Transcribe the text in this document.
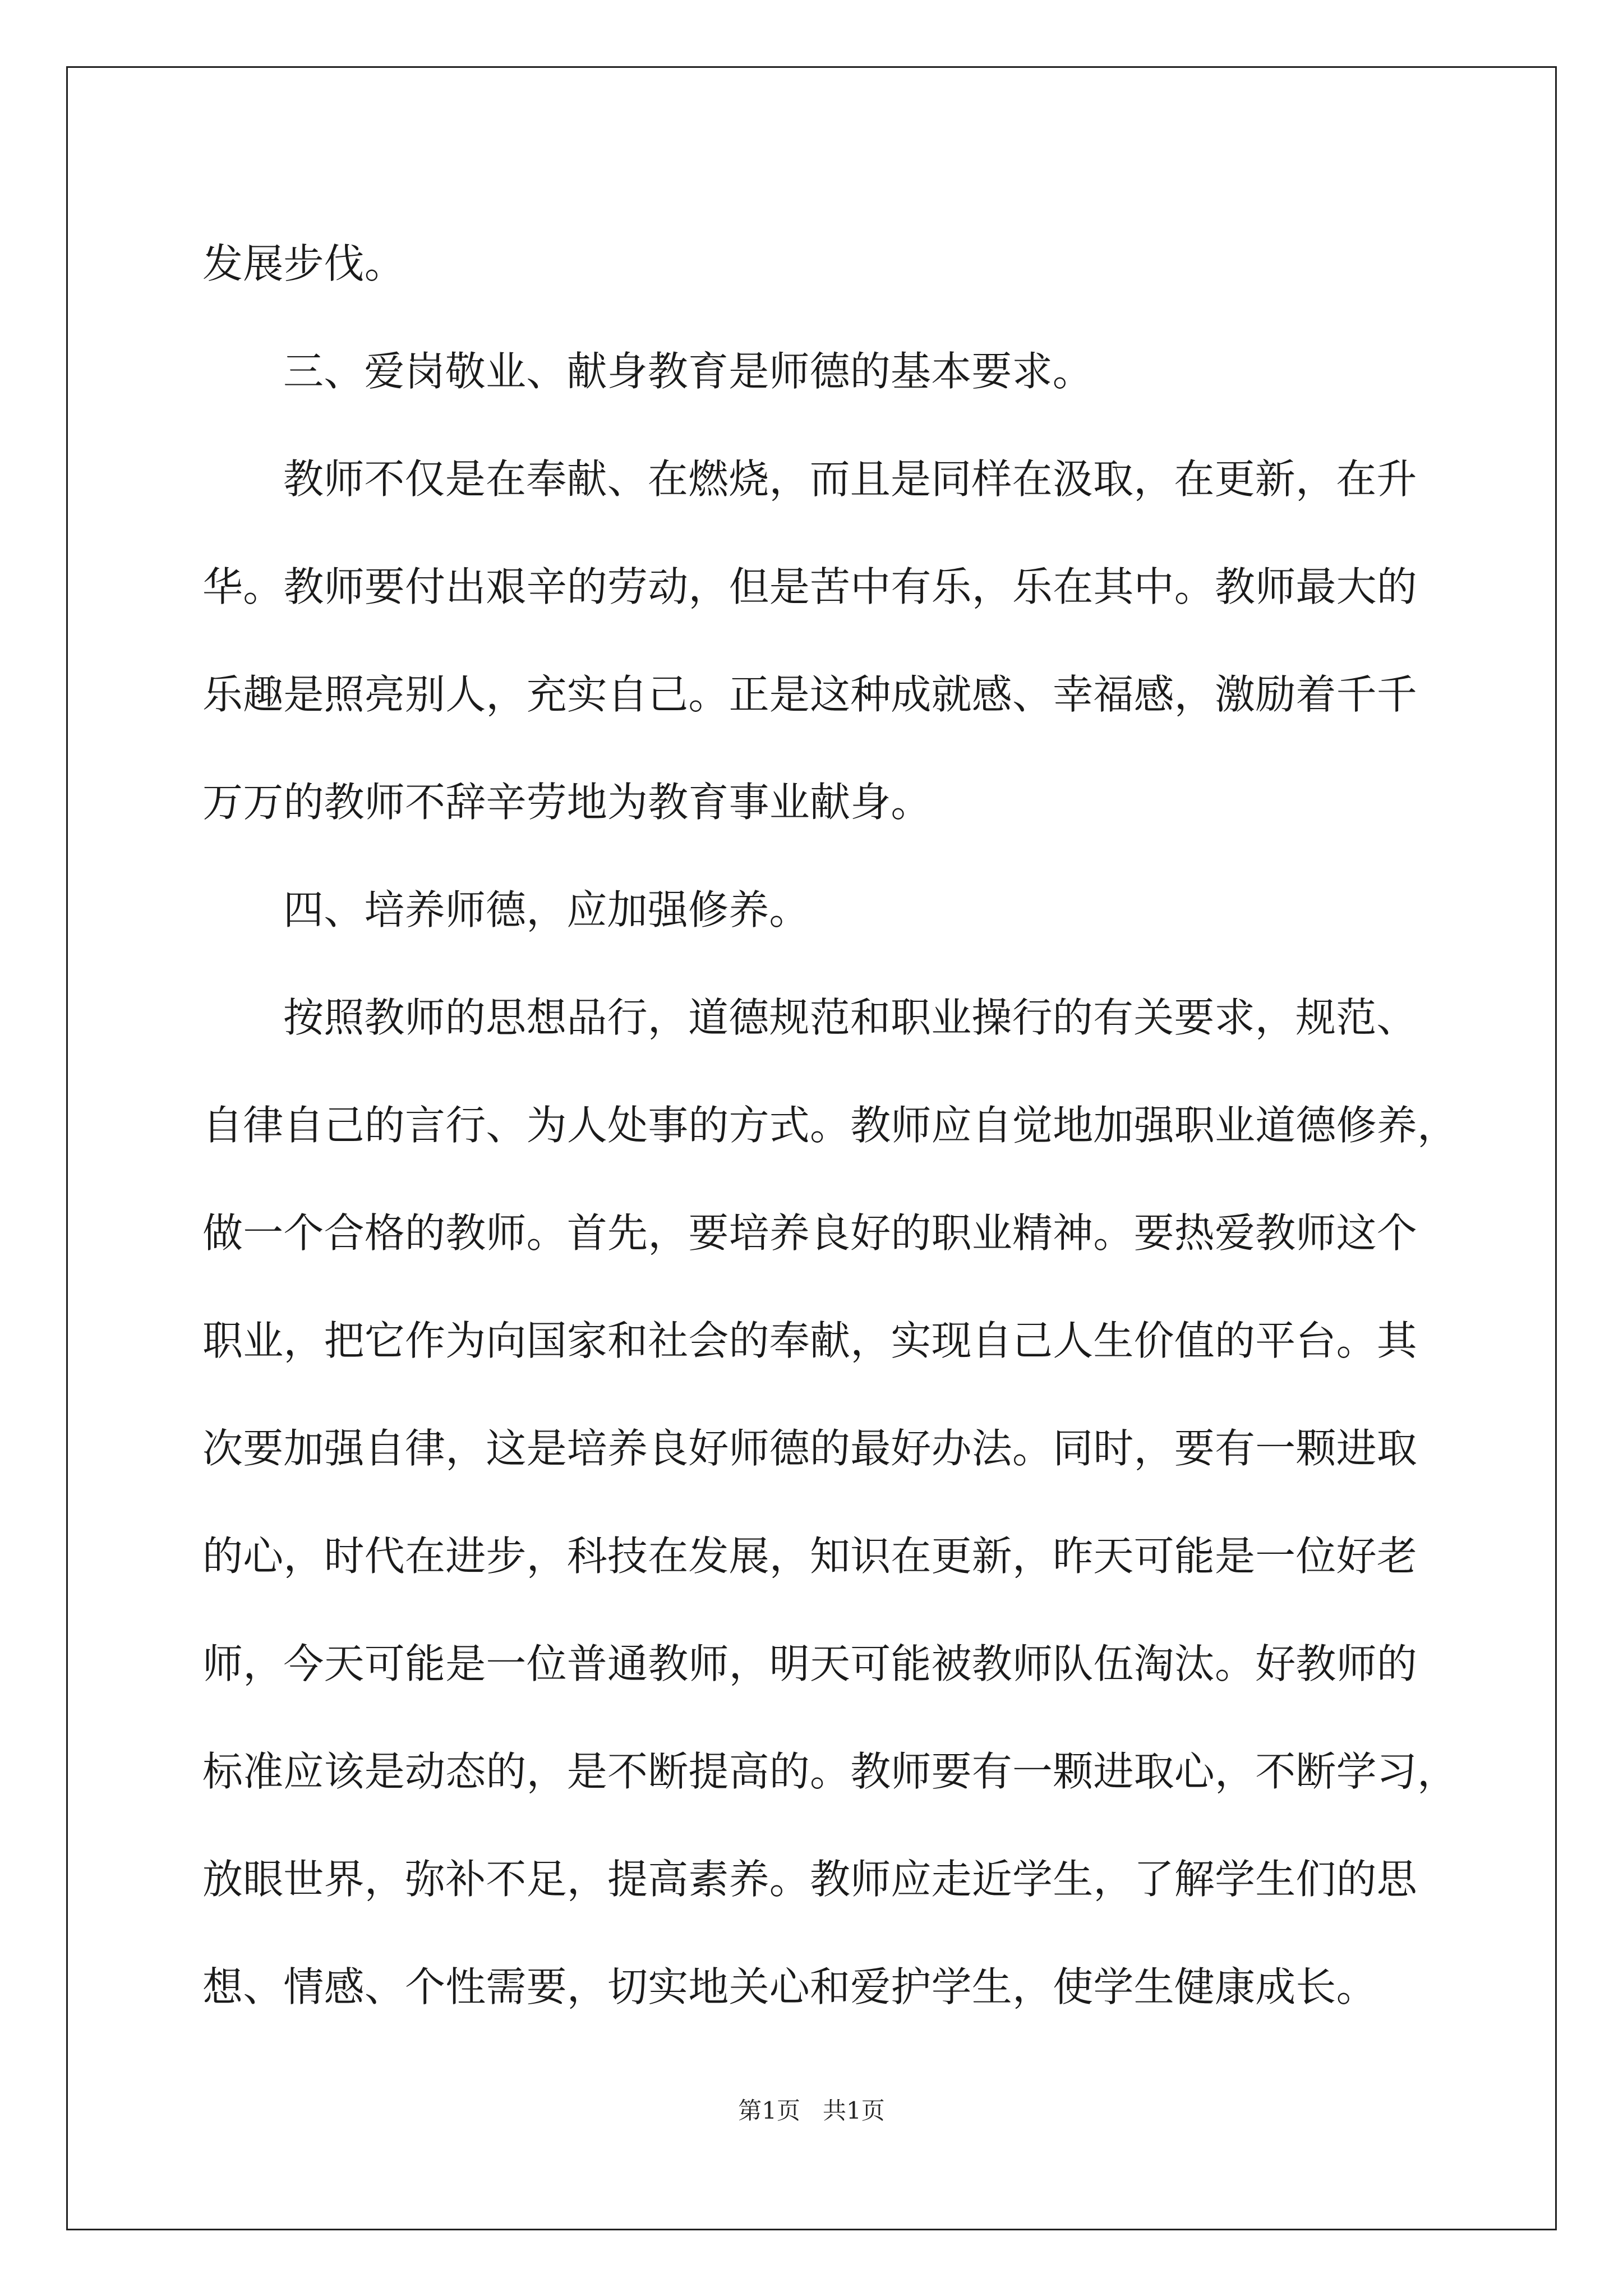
发展步伐。
三、爱岗敬业、献身教育是师德的基本要求。
教师不仅是在奉献、在燃烧，而且是同样在汲取，在更新，在升
华。教师要付出艰辛的劳动，但是苦中有乐，乐在其中。教师最大的
乐趣是照亮别人，充实自己。正是这种成就感、幸福感，激励着千千
万万的教师不辞辛劳地为教育事业献身。
四、培养师德，应加强修养。
按照教师的思想品行，道德规范和职业操行的有关要求，规范、
自律自己的言行、为人处事的方式。教师应自觉地加强职业道德修养，
做一个合格的教师。首先，要培养良好的职业精神。要热爱教师这个
职业，把它作为向国家和社会的奉献，实现自己人生价值的平台。其
次要加强自律，这是培养良好师德的最好办法。同时，要有一颗进取
的心，时代在进步，科技在发展，知识在更新，昨天可能是一位好老
师，今天可能是一位普通教师，明天可能被教师队伍淘汰。好教师的
标准应该是动态的，是不断提高的。教师要有一颗进取心，不断学习，
放眼世界，弥补不足，提高素养。教师应走近学生，了解学生们的思
想、情感、个性需要，切实地关心和爱护学生，使学生健康成长。
第1页 共1页
